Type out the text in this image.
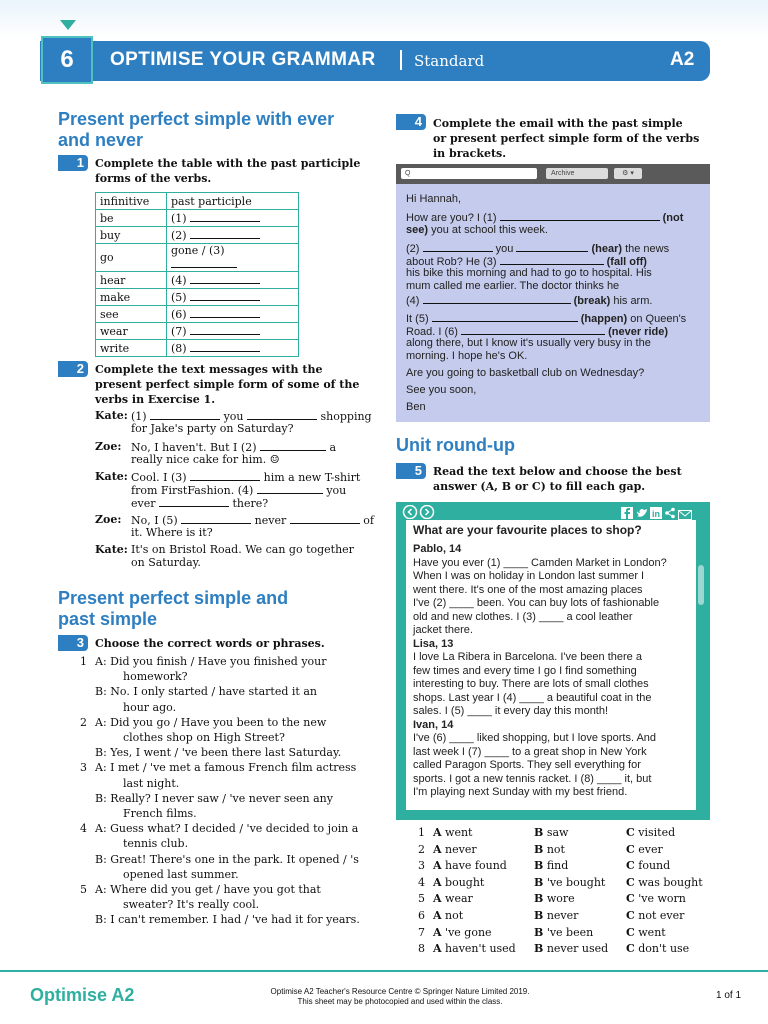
6	OPTIMISE YOUR GRAMMAR	Standard	A2
Present perfect simple with ever
and never
1	Complete the table with the past participle
forms of the verbs.
infinitive	past participle
be	(1)
buy	(2)
go	gone / (3)
hear	(4)
make	(5)
see	(6)
wear	(7)
write	(8)
2	Complete the text messages with the
present perfect simple form of some of the
verbs in Exercise 1.
Kate: (1)	you	shopping
for Jake's party on Saturday?
Zoe: No, I haven't. But I (2)	a
really nice cake for him. ☺
Kate: Cool. I (3)	him a new T-shirt
from FirstFashion. (4)	you
ever	there?
Zoe: No, I (5)	never	of
it. Where is it?
Kate: It's on Bristol Road. We can go together
on Saturday.
Present perfect simple and
past simple
3	Choose the correct words or phrases.
1 A: Did you finish / Have you finished your
homework?
B: No. I only started / have started it an
hour ago.
2 A: Did you go / Have you been to the new
clothes shop on High Street?
B: Yes, I went / 've been there last Saturday.
3 A: I met / 've met a famous French film actress
last night.
B: Really? I never saw / 've never seen any
French films.
4 A: Guess what? I decided / 've decided to join a
tennis club.
B: Great! There's one in the park. It opened / 's
opened last summer.
5 A: Where did you get / have you got that
sweater? It's really cool.
B: I can't remember. I had / 've had it for years.
4	Complete the email with the past simple
or present perfect simple form of the verbs
in brackets.
Q	Archive	⚙ ▾
Hi Hannah,
How are you? I (1)	(not
see) you at school this week.
(2)	you	(hear) the news
about Rob? He (3)	(fall off)
his bike this morning and had to go to hospital. His
mum called me earlier. The doctor thinks he
(4)	(break) his arm.
It (5)	(happen) on Queen's
Road. I (6)	(never ride)
along there, but I know it's usually very busy in the
morning. I hope he's OK.
Are you going to basketball club on Wednesday?
See you soon,
Ben
Unit round-up
5	Read the text below and choose the best
answer (A, B or C) to fill each gap.
in
What are your favourite places to shop?
Pablo, 14
Have you ever (1) ____ Camden Market in London?
When I was on holiday in London last summer I
went there. It's one of the most amazing places
I've (2) ____ been. You can buy lots of fashionable
old and new clothes. I (3) ____ a cool leather
jacket there.
Lisa, 13
I love La Ribera in Barcelona. I've been there a
few times and every time I go I find something
interesting to buy. There are lots of small clothes
shops. Last year I (4) ____ a beautiful coat in the
sales. I (5) ____ it every day this month!
Ivan, 14
I've (6) ____ liked shopping, but I love sports. And
last week I (7) ____ to a great shop in New York
called Paragon Sports. They sell everything for
sports. I got a new tennis racket. I (8) ____ it, but
I'm playing next Sunday with my best friend.
1 A went	B saw	C visited
2 A never	B not	C ever
3 A have found B find	C found
4 A bought	B 've bought C was bought
5 A wear	B wore	C 've worn
6 A not	B never	C not ever
7 A 've gone	B 've been	C went
8 A haven't used B never used C don't use
Optimise A2	Optimise A2 Teacher's Resource Centre © Springer Nature Limited 2019.
This sheet may be photocopied and used within the class.
1 of 1
